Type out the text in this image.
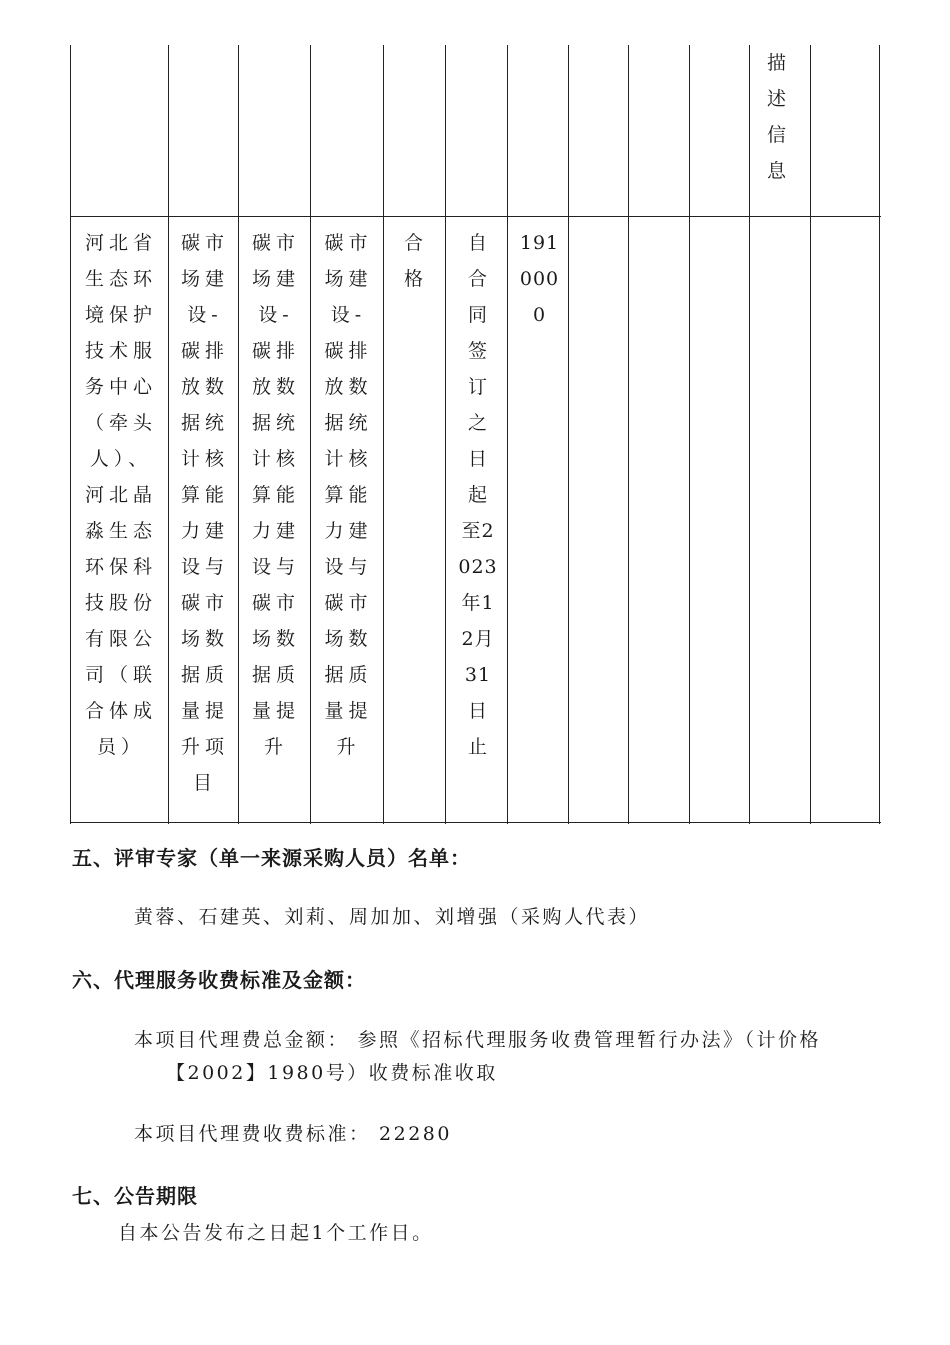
描
述
信
息
河北省
生态环
境保护
技术服
务中心
（牵头
人）、
河北晶
淼生态
环保科
技股份
有限公
司（联
合体成
员）
碳市
场建
设-
碳排
放数
据统
计核
算能
力建
设与
碳市
场数
据质
量提
升项
目
碳市
场建
设-
碳排
放数
据统
计核
算能
力建
设与
碳市
场数
据质
量提
升
碳市
场建
设-
碳排
放数
据统
计核
算能
力建
设与
碳市
场数
据质
量提
升
合
格
自
合
同
签
订
之
日
起
至2
023
年1
2月
31
日
止
191
000
0
五、评审专家（单一来源采购人员）名单：
黄蓉、石建英、刘莉、周加加、刘增强（采购人代表）
六、代理服务收费标准及金额：
本项目代理费总金额： 参照《招标代理服务收费管理暂行办法》（计价格
【2002】1980号）收费标准收取
本项目代理费收费标准： 22280
七、公告期限
自本公告发布之日起1个工作日。
